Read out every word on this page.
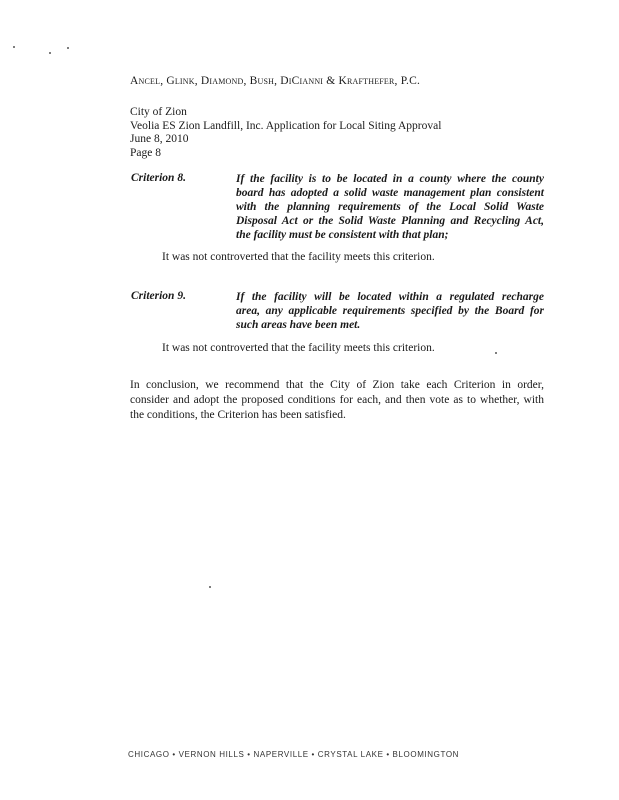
Ancel, Glink, Diamond, Bush, DiCianni & Krafthefer, P.C.
City of Zion
Veolia ES Zion Landfill, Inc. Application for Local Siting Approval
June 8, 2010
Page 8
Criterion 8.	If the facility is to be located in a county where the county
board has adopted a solid waste management plan consistent
with the planning requirements of the Local Solid Waste
Disposal Act or the Solid Waste Planning and Recycling Act,
the facility must be consistent with that plan;
It was not controverted that the facility meets this criterion.
Criterion 9.	If the facility will be located within a regulated recharge
area, any applicable requirements specified by the Board for
such areas have been met.
It was not controverted that the facility meets this criterion.
In conclusion, we recommend that the City of Zion take each Criterion in order,
consider and adopt the proposed conditions for each, and then vote as to whether, with
the conditions, the Criterion has been satisfied.
CHICAGO • VERNON HILLS • NAPERVILLE • CRYSTAL LAKE • BLOOMINGTON
